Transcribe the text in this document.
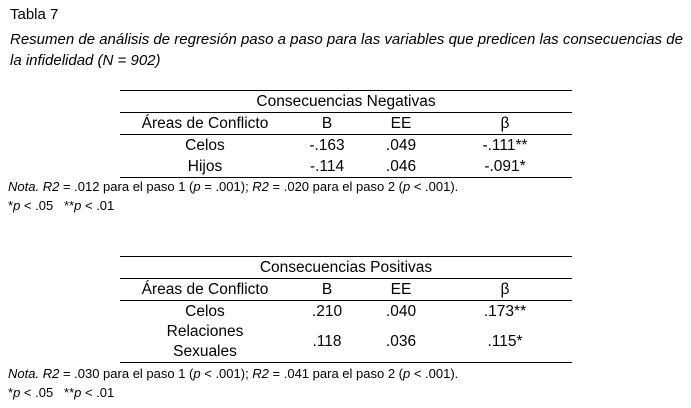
Tabla 7
Resumen de análisis de regresión paso a paso para las variables que predicen las consecuencias de la infidelidad (N = 902)
Consecuencias Negativas			
Áreas de Conflicto	B	EE	β
Celos	-.163	.049	-.111**
Hijos	-.114	.046	-.091*
Nota. R2 = .012 para el paso 1 (p = .001); R2 = .020 para el paso 2 (p < .001).
*p < .05   **p < .01
Consecuencias Positivas			
Áreas de Conflicto	B	EE	β
Celos	.210	.040	.173**
Relaciones Sexuales	.118	.036	.115*
Nota. R2 = .030 para el paso 1 (p < .001); R2 = .041 para el paso 2 (p < .001).
*p < .05   **p < .01
